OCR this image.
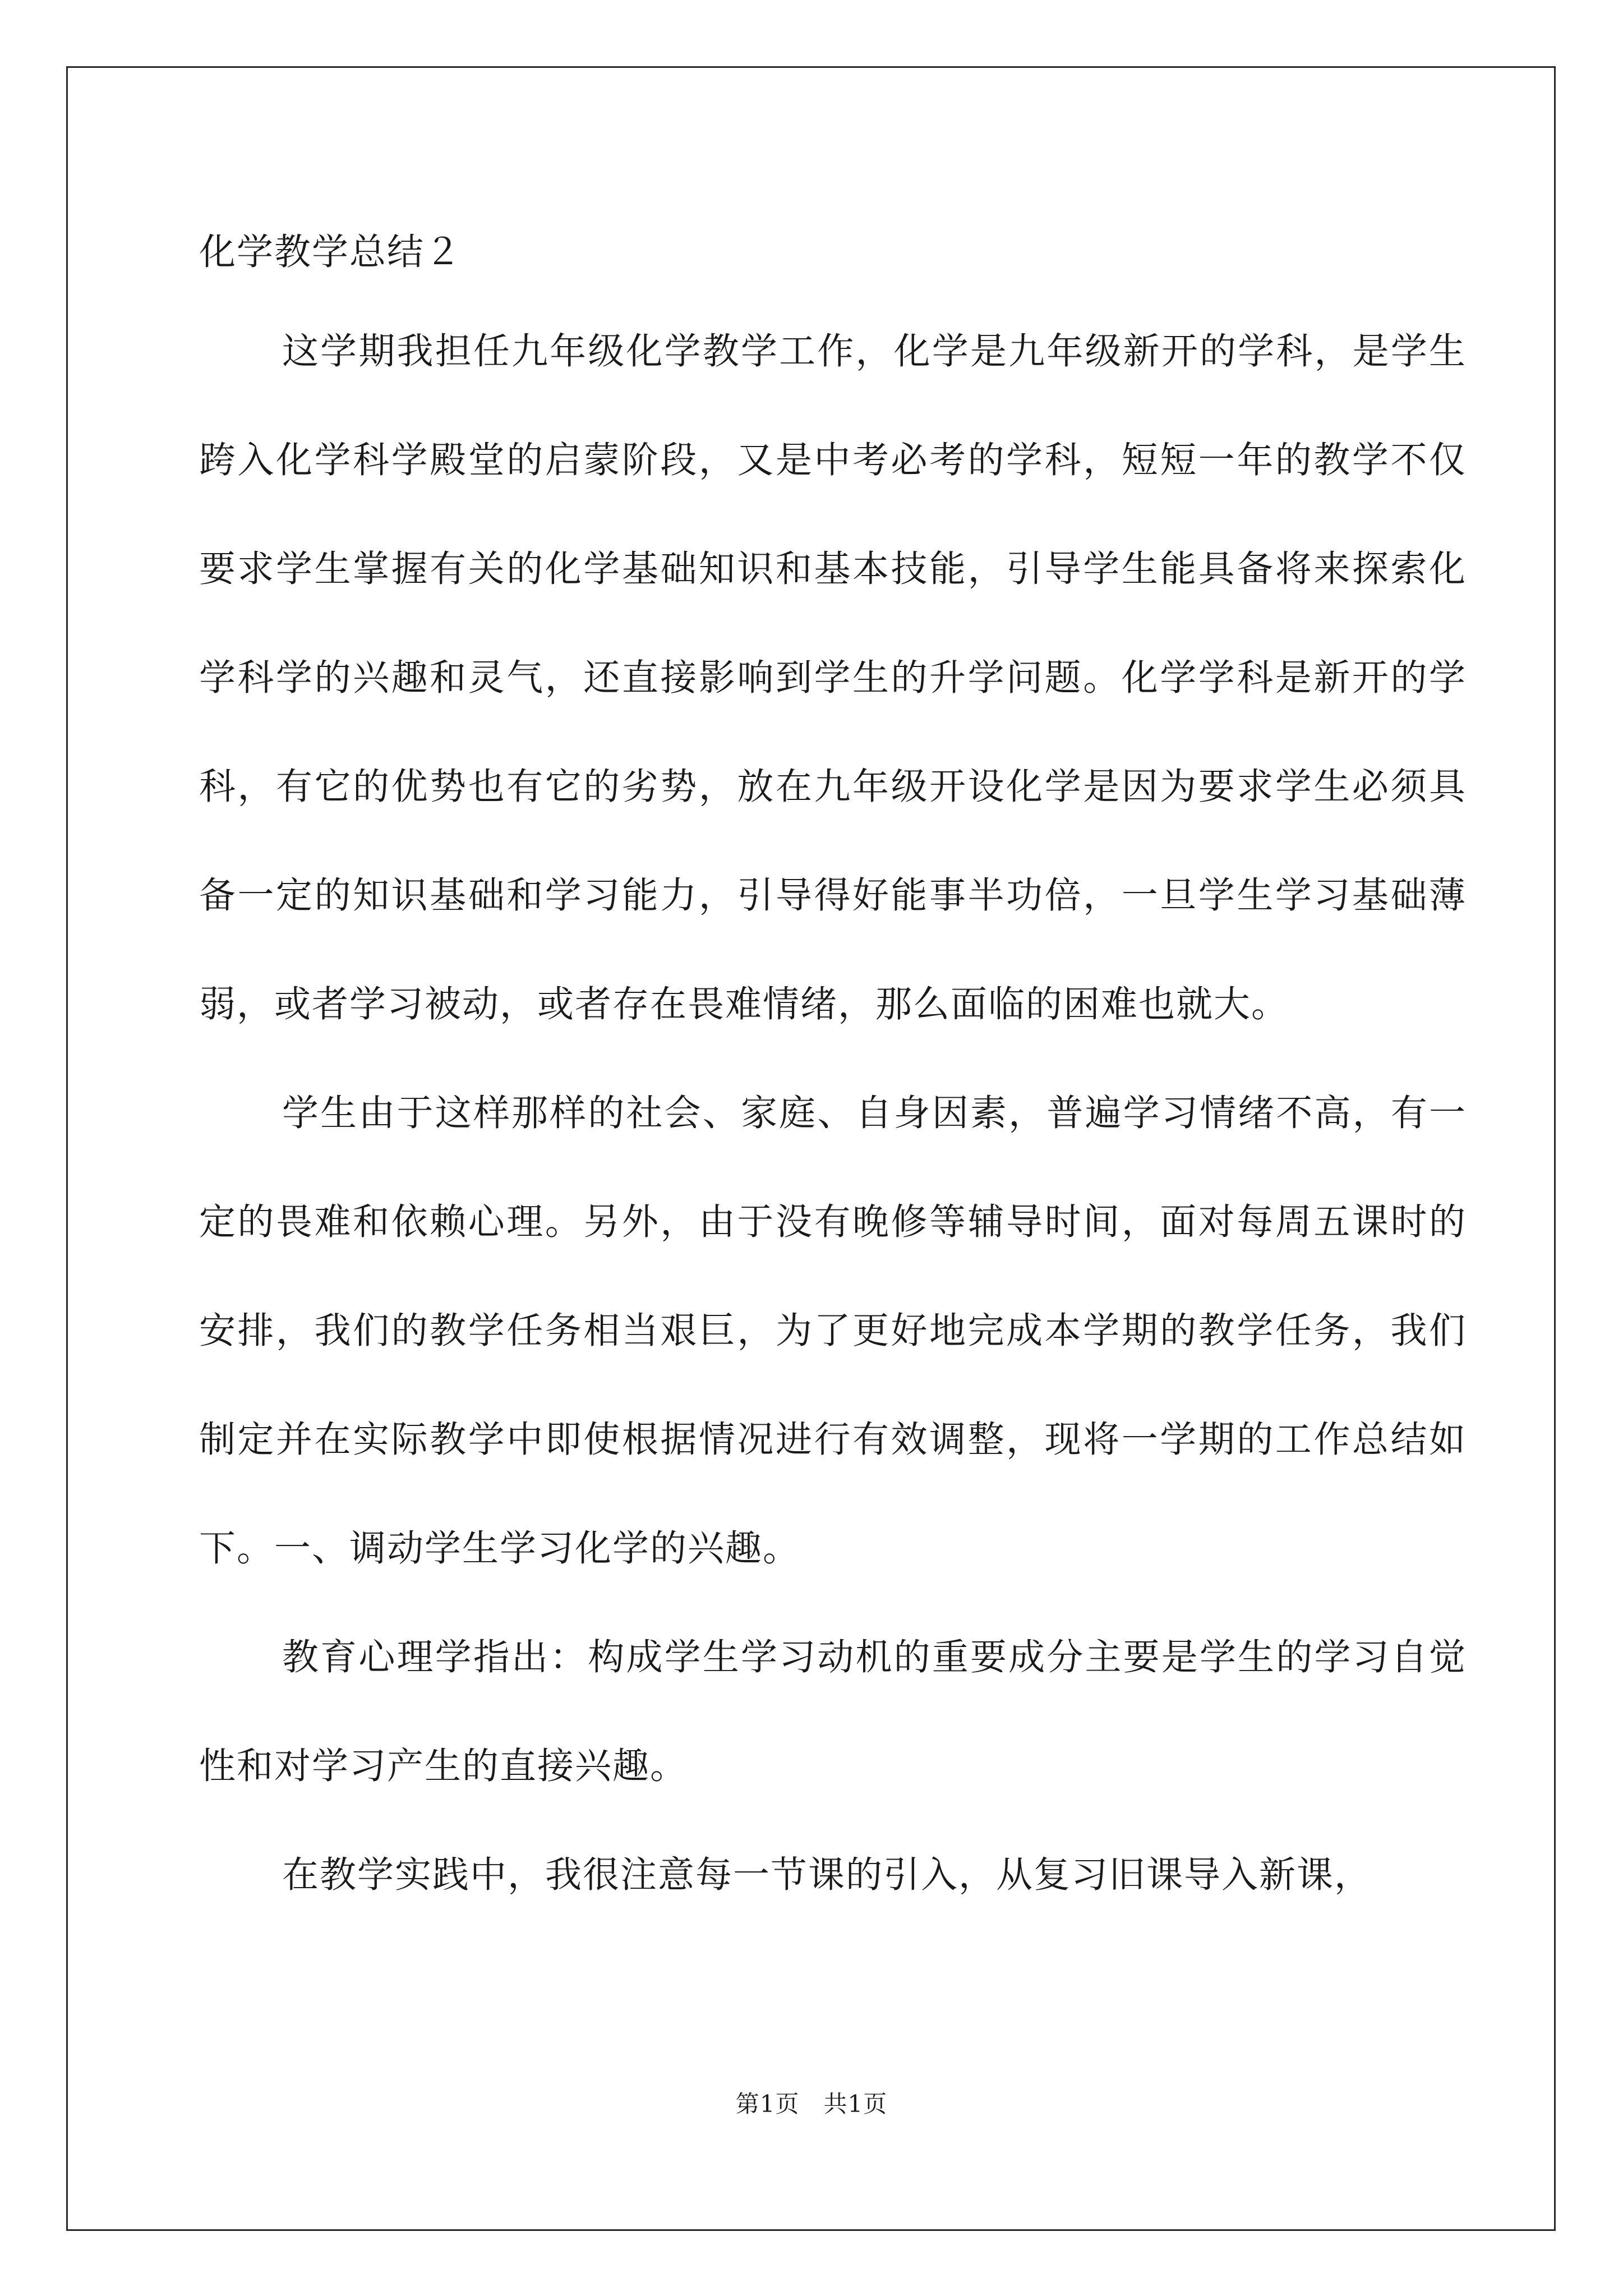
化学教学总结２

这学期我担任九年级化学教学工作，化学是九年级新开的学科，是学生跨入化学科学殿堂的启蒙阶段，又是中考必考的学科，短短一年的教学不仅要求学生掌握有关的化学基础知识和基本技能，引导学生能具备将来探索化学科学的兴趣和灵气，还直接影响到学生的升学问题。化学学科是新开的学科，有它的优势也有它的劣势，放在九年级开设化学是因为要求学生必须具备一定的知识基础和学习能力，引导得好能事半功倍，一旦学生学习基础薄弱，或者学习被动，或者存在畏难情绪，那么面临的困难也就大。

学生由于这样那样的社会、家庭、自身因素，普遍学习情绪不高，有一定的畏难和依赖心理。另外，由于没有晚修等辅导时间，面对每周五课时的安排，我们的教学任务相当艰巨，为了更好地完成本学期的教学任务，我们制定并在实际教学中即使根据情况进行有效调整，现将一学期的工作总结如下。一、调动学生学习化学的兴趣。

教育心理学指出：构成学生学习动机的重要成分主要是学生的学习自觉性和对学习产生的直接兴趣。

在教学实践中，我很注意每一节课的引入，从复习旧课导入新课，

第1页　共1页
